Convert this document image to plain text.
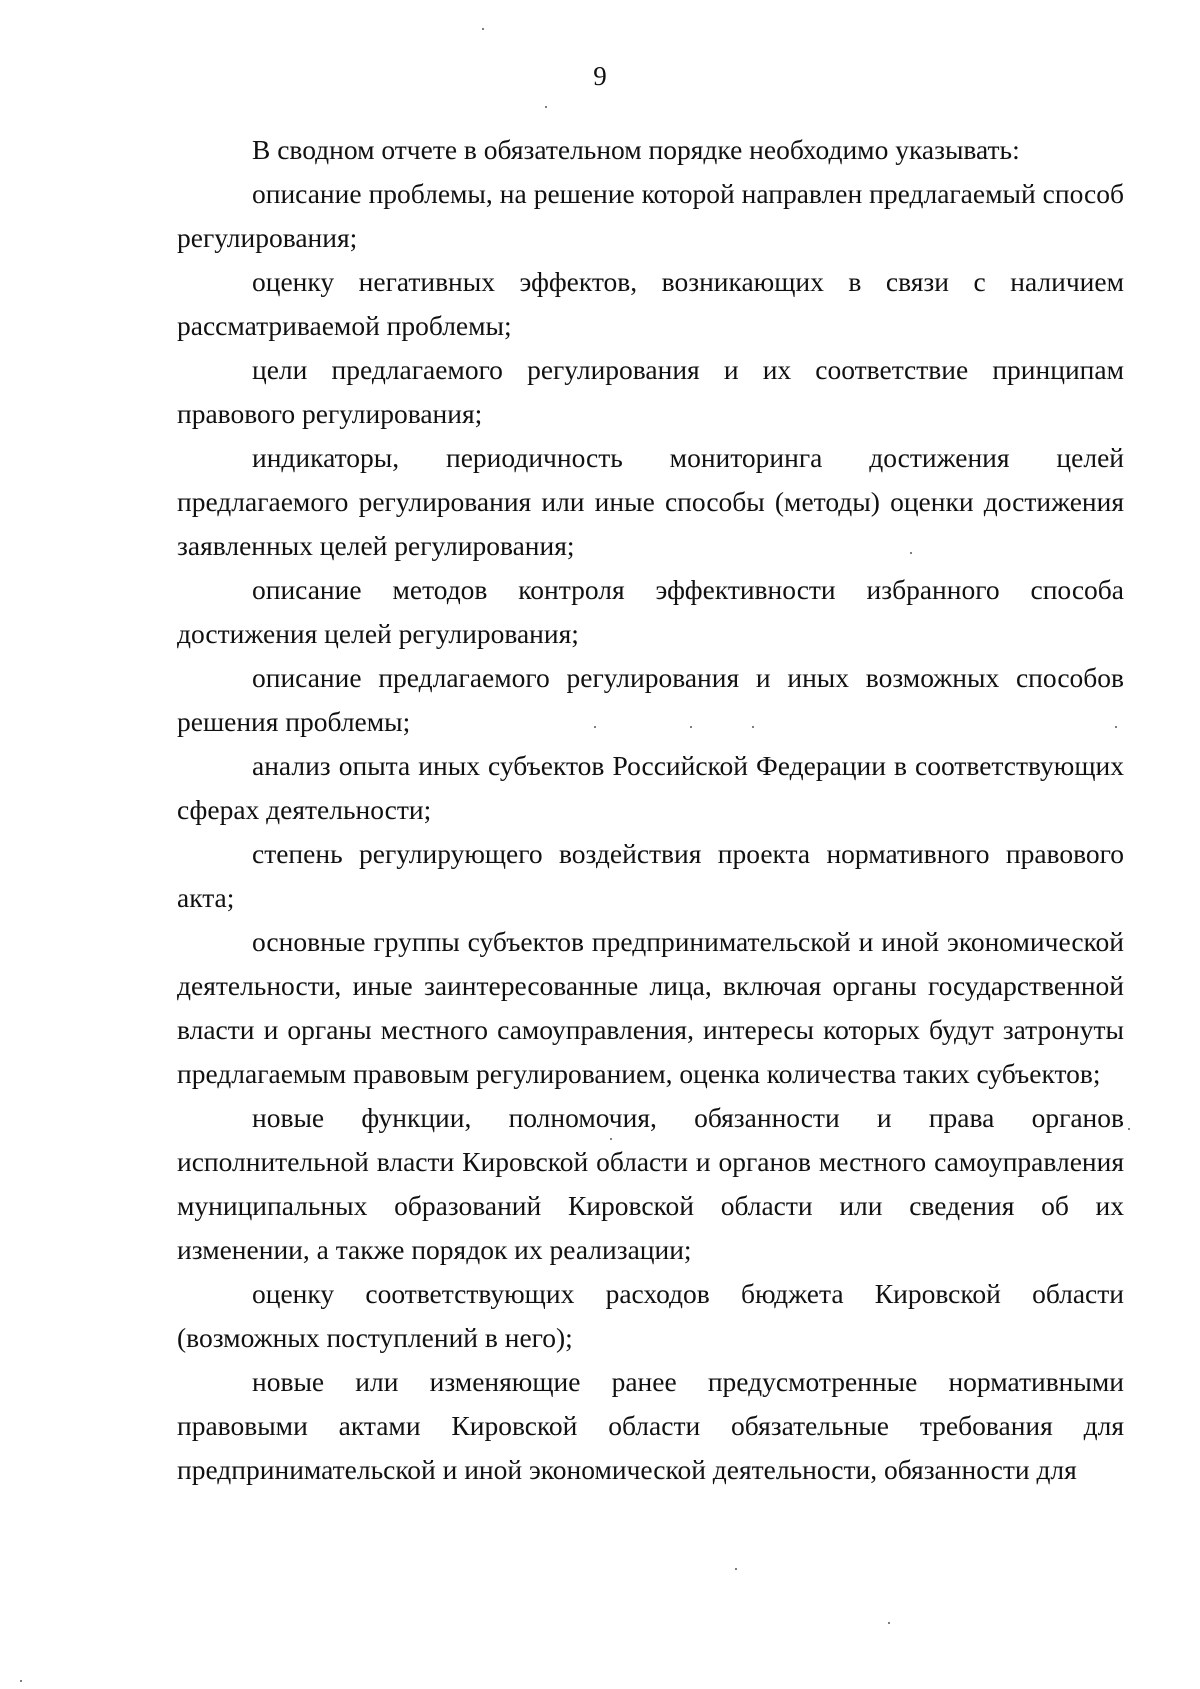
9

В сводном отчете в обязательном порядке необходимо указывать:

описание проблемы, на решение которой направлен предлагаемый способ регулирования;

оценку негативных эффектов, возникающих в связи с наличием рассматриваемой проблемы;

цели предлагаемого регулирования и их соответствие принципам правового регулирования;

индикаторы, периодичность мониторинга достижения целей предлагаемого регулирования или иные способы (методы) оценки достижения заявленных целей регулирования;

описание методов контроля эффективности избранного способа достижения целей регулирования;

описание предлагаемого регулирования и иных возможных способов решения проблемы;

анализ опыта иных субъектов Российской Федерации в соответствующих сферах деятельности;

степень регулирующего воздействия проекта нормативного правового акта;

основные группы субъектов предпринимательской и иной экономической деятельности, иные заинтересованные лица, включая органы государственной власти и органы местного самоуправления, интересы которых будут затронуты предлагаемым правовым регулированием, оценка количества таких субъектов;

новые функции, полномочия, обязанности и права органов исполнительной власти Кировской области и органов местного самоуправления муниципальных образований Кировской области или сведения об их изменении, а также порядок их реализации;

оценку соответствующих расходов бюджета Кировской области (возможных поступлений в него);

новые или изменяющие ранее предусмотренные нормативными правовыми актами Кировской области обязательные требования для предпринимательской и иной экономической деятельности, обязанности для
